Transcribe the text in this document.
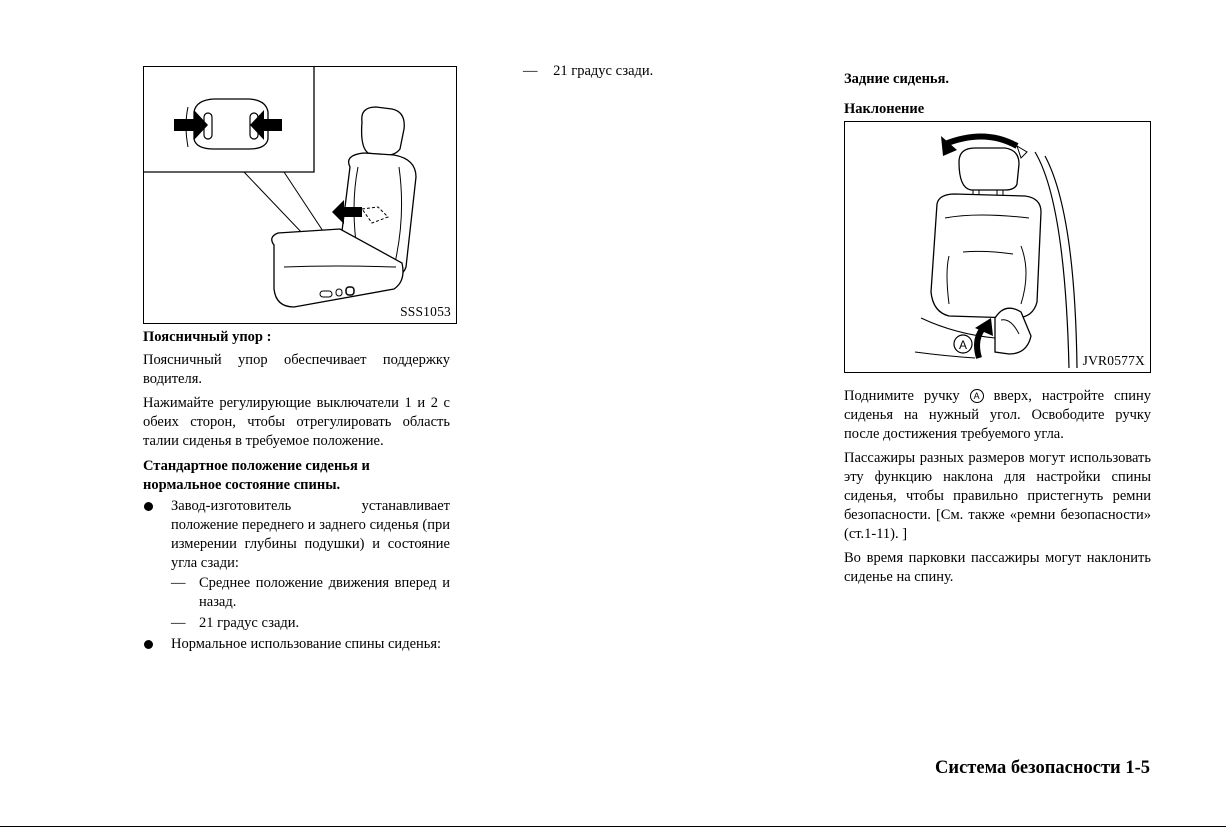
SSS1053

Поясничный упор :

Поясничный упор обеспечивает поддержку водителя.

Нажимайте регулирующие выключатели 1 и 2 с обеих сторон, чтобы отрегулировать область талии сиденья в требуемое положение.

Стандартное положение сиденья и
нормальное состояние спины.

Завод-изготовитель устанавливает положение переднего и заднего сиденья (при измерении глубины подушки) и состояние угла сзади:
— Среднее положение движения вперед и назад.
— 21 градус сзади.
Нормальное использование спины сиденья:
— 21 градус сзади.	Задние сиденья.

Наклонение

A
JVR0577X

Поднимите ручку A вверх, настройте спину сиденья на нужный угол. Освободите ручку после достижения требуемого угла.

Пассажиры разных размеров могут использовать эту функцию наклона для настройки спины сиденья, чтобы правильно пристегнуть ремни безопасности. [См. также «ремни безопасности» (ст.1-11). ]

Во время парковки пассажиры могут наклонить сиденье на спину.

Система безопасности 1-5
